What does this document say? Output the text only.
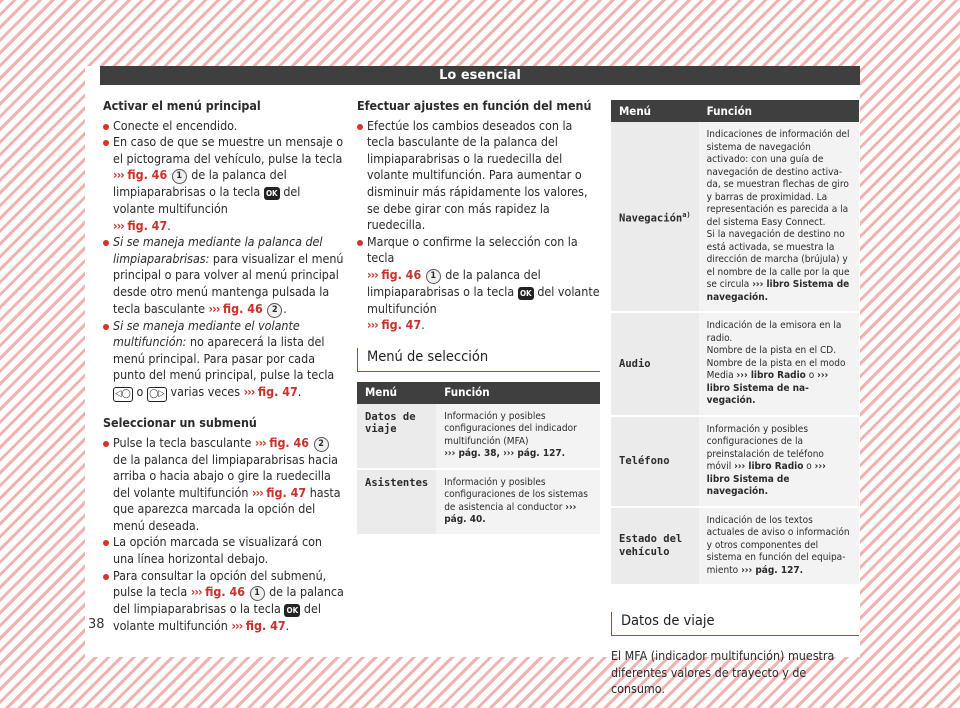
Lo esencial

Activar el menú principal

Conecte el encendido.

En caso de que se muestre un mensaje o el pictograma del vehículo, pulse la tecla ››› fig. 46 1 de la palanca del limpiaparabrisas o la tecla OK del volante multifunción
››› fig. 47.

Si se maneja mediante la palanca del limpiaparabrisas: para visualizar el menú principal o para volver al menú principal desde otro menú mantenga pulsada la tecla basculante ››› fig. 46 2 .

Si se maneja mediante el volante multifunción: no aparecerá la lista del menú principal. Para pasar por cada punto del menú principal, pulse la tecla ◁◯ o ◯▷ varias veces ››› fig. 47.

Seleccionar un submenú

Pulse la tecla basculante ››› fig. 46 2 de la palanca del limpiaparabrisas hacia arriba o hacia abajo o gire la ruedecilla del volante multifunción ››› fig. 47 hasta que aparezca marcada la opción del menú deseada.

La opción marcada se visualizará con una línea horizontal debajo.

Para consultar la opción del submenú, pulse la tecla ››› fig. 46 1 de la palanca del limpiaparabrisas o la tecla OK del volante multifunción ››› fig. 47.

Efectuar ajustes en función del menú

Efectúe los cambios deseados con la tecla basculante de la palanca del limpiaparabrisas o la ruedecilla del volante multifunción. Para aumentar o disminuir más rápidamente los valores, se debe girar con más rapidez la ruedecilla.

Marque o confirme la selección con la tecla
››› fig. 46 1 de la palanca del limpiaparabrisas o la tecla OK del volante multifunción
››› fig. 47.

Menú de selección

Menú	Función
Datos de viaje	Información y posibles configuraciones del indicador multifunción (MFA)
››› pág. 38, ››› pág. 127.
Asistentes	Información y posibles configuraciones de los sistemas de asistencia al conductor ››› pág. 40.
Menú	Función
Navegación$^{a)}$	Indicaciones de información del sistema de navegación activado: con una guía de navegación de destino activada, se muestran flechas de giro y barras de proximidad. La representación es parecida a la del sistema Easy Connect.
Si la navegación de destino no está activada, se muestra la dirección de marcha (brújula) y el nombre de la calle por la que se circula ››› libro Sistema de navegación.
Audio	Indicación de la emisora en la radio.
Nombre de la pista en el CD.
Nombre de la pista en el modo Media ››› libro Radio o ››› libro Sistema de navegación.
Teléfono	Información y posibles configuraciones de la preinstalación de teléfono móvil ››› libro Radio o ››› libro Sistema de navegación.
Estado del vehículo	Indicación de los textos actuales de aviso o información y otros componentes del sistema en función del equipamiento ››› pág. 127.

Datos de viaje

El MFA (indicador multifunción) muestra diferentes valores de trayecto y de consumo.

38
